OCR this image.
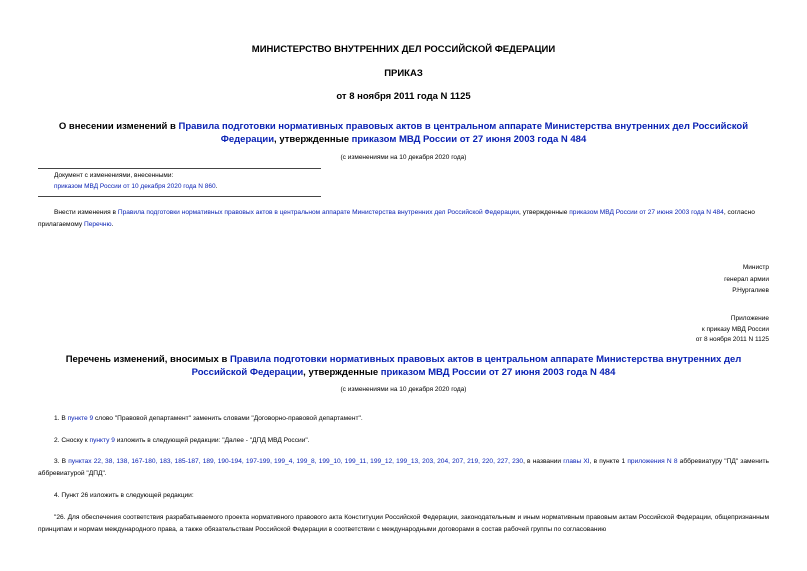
МИНИСТЕРСТВО ВНУТРЕННИХ ДЕЛ РОССИЙСКОЙ ФЕДЕРАЦИИ
ПРИКАЗ
от 8 ноября 2011 года N 1125
О внесении изменений в Правила подготовки нормативных правовых актов в центральном аппарате Министерства внутренних дел Российской Федерации, утвержденные приказом МВД России от 27 июня 2003 года N 484
(с изменениями на 10 декабря 2020 года)
Документ с изменениями, внесенными:
приказом МВД России от 10 декабря 2020 года N 860.
Внести изменения в Правила подготовки нормативных правовых актов в центральном аппарате Министерства внутренних дел Российской Федерации, утвержденные приказом МВД России от 27 июня 2003 года N 484, согласно прилагаемому Перечню.
Министр
генерал армии
Р.Нургалиев
Приложение
к приказу МВД России
от 8 ноября 2011 N 1125
Перечень изменений, вносимых в Правила подготовки нормативных правовых актов в центральном аппарате Министерства внутренних дел Российской Федерации, утвержденные приказом МВД России от 27 июня 2003 года N 484
(с изменениями на 10 декабря 2020 года)
1. В пункте 9 слово "Правовой департамент" заменить словами "Договорно-правовой департамент".
2. Сноску к пункту 9 изложить в следующей редакции: "Далее - "ДПД МВД России".
3. В пунктах 22, 38, 138, 167-180, 183, 185-187, 189, 190-194, 197-199, 199_4, 199_8, 199_10, 199_11, 199_12, 199_13, 203, 204, 207, 219, 220, 227, 230, в названии главы XI, в пункте 1 приложения N 8 аббревиатуру "ПД" заменить аббревиатурой "ДПД".
4. Пункт 26 изложить в следующей редакции:
"26. Для обеспечения соответствия разрабатываемого проекта нормативного правового акта Конституции Российской Федерации, законодательным и иным нормативным правовым актам Российской Федерации, общепризнанным принципам и нормам международного права, а также обязательствам Российской Федерации в соответствии с международными договорами в состав рабочей группы по согласованию
